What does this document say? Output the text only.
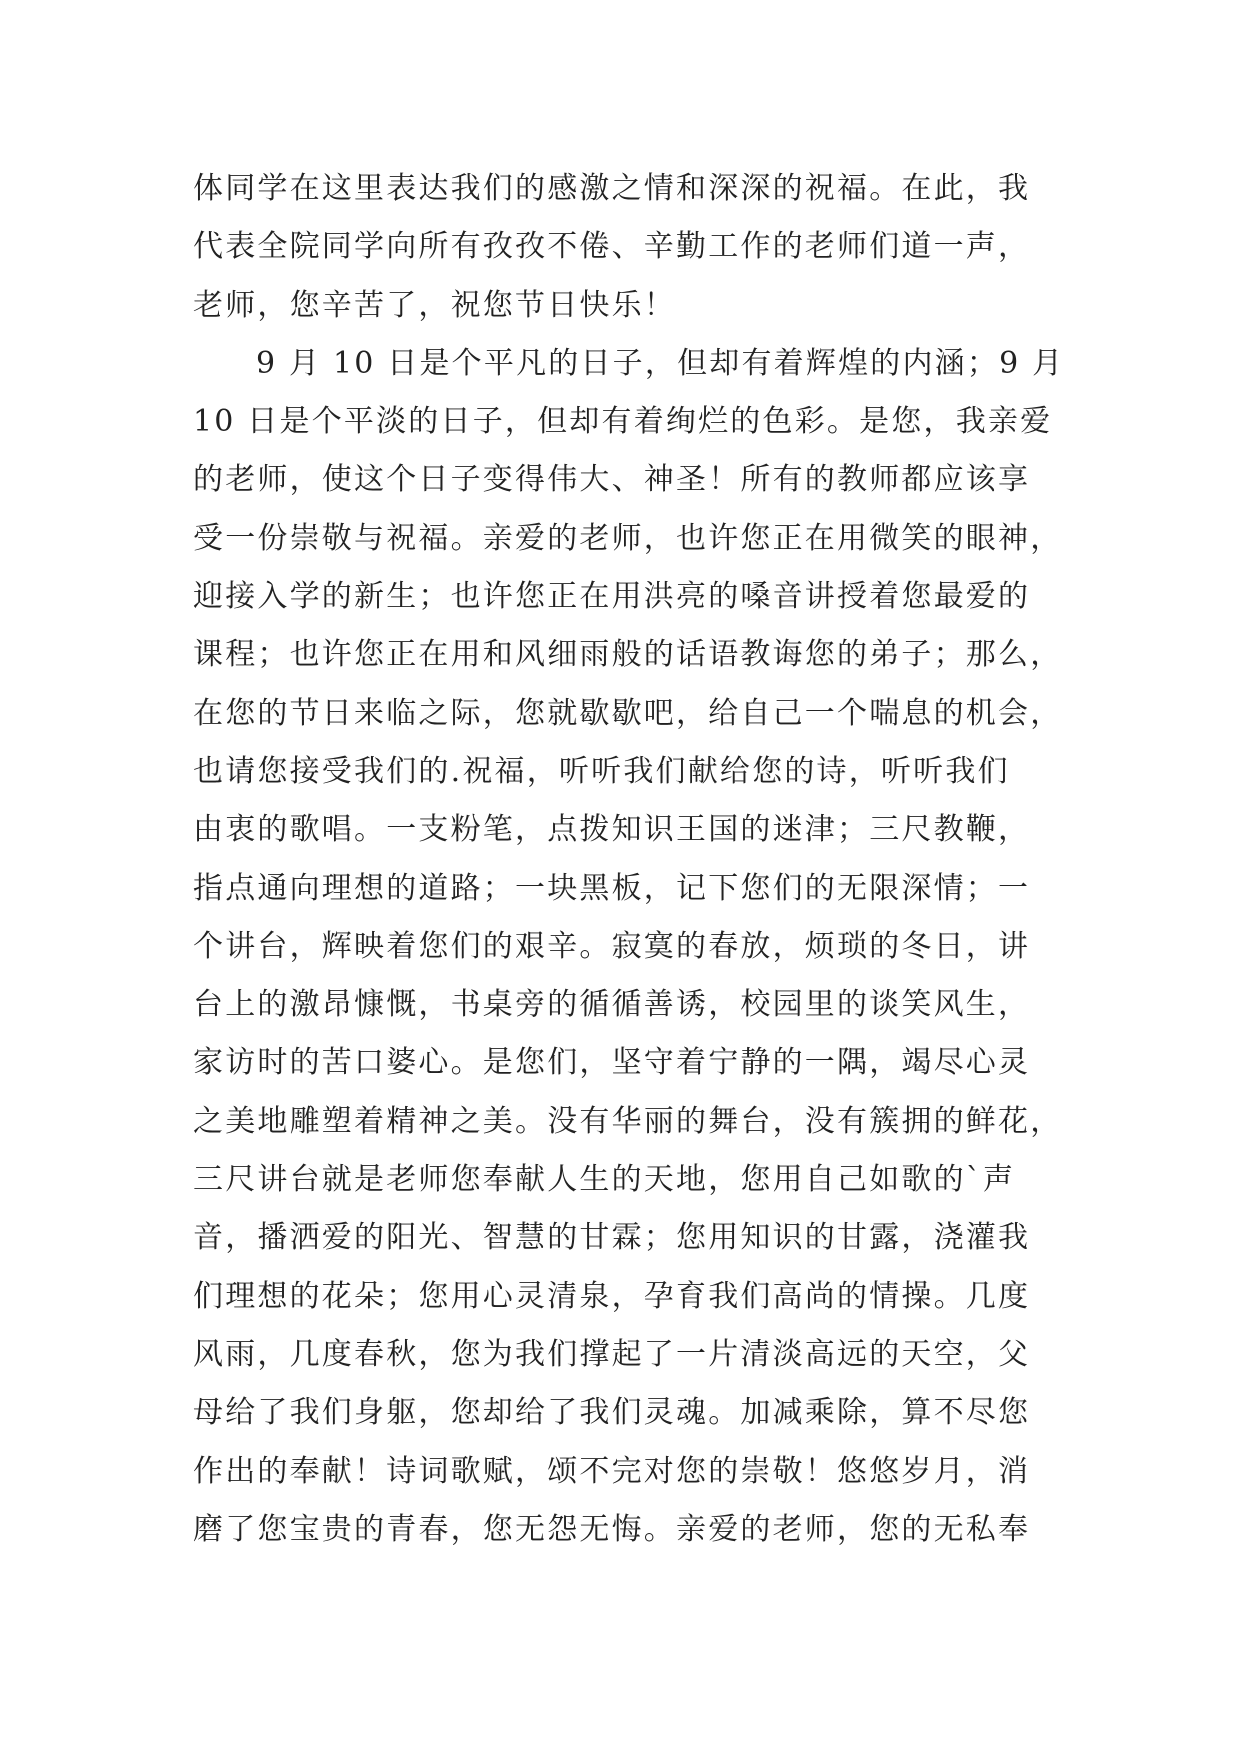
体同学在这里表达我们的感激之情和深深的祝福。在此，我
代表全院同学向所有孜孜不倦、辛勤工作的老师们道一声，
老师，您辛苦了，祝您节日快乐！
9 月 10 日是个平凡的日子，但却有着辉煌的内涵；9 月
10 日是个平淡的日子，但却有着绚烂的色彩。是您，我亲爱
的老师，使这个日子变得伟大、神圣！所有的教师都应该享
受一份崇敬与祝福。亲爱的老师，也许您正在用微笑的眼神，
迎接入学的新生；也许您正在用洪亮的嗓音讲授着您最爱的
课程；也许您正在用和风细雨般的话语教诲您的弟子；那么，
在您的节日来临之际，您就歇歇吧，给自己一个喘息的机会，
也请您接受我们的.祝福，听听我们献给您的诗，听听我们
由衷的歌唱。一支粉笔，点拨知识王国的迷津；三尺教鞭，
指点通向理想的道路；一块黑板，记下您们的无限深情；一
个讲台，辉映着您们的艰辛。寂寞的春放，烦琐的冬日，讲
台上的激昂慷慨，书桌旁的循循善诱，校园里的谈笑风生，
家访时的苦口婆心。是您们，坚守着宁静的一隅，竭尽心灵
之美地雕塑着精神之美。没有华丽的舞台，没有簇拥的鲜花，
三尺讲台就是老师您奉献人生的天地，您用自己如歌的`声
音，播洒爱的阳光、智慧的甘霖；您用知识的甘露，浇灌我
们理想的花朵；您用心灵清泉，孕育我们高尚的情操。几度
风雨，几度春秋，您为我们撑起了一片清淡高远的天空，父
母给了我们身躯，您却给了我们灵魂。加减乘除，算不尽您
作出的奉献！诗词歌赋，颂不完对您的崇敬！悠悠岁月，消
磨了您宝贵的青春，您无怨无悔。亲爱的老师，您的无私奉
